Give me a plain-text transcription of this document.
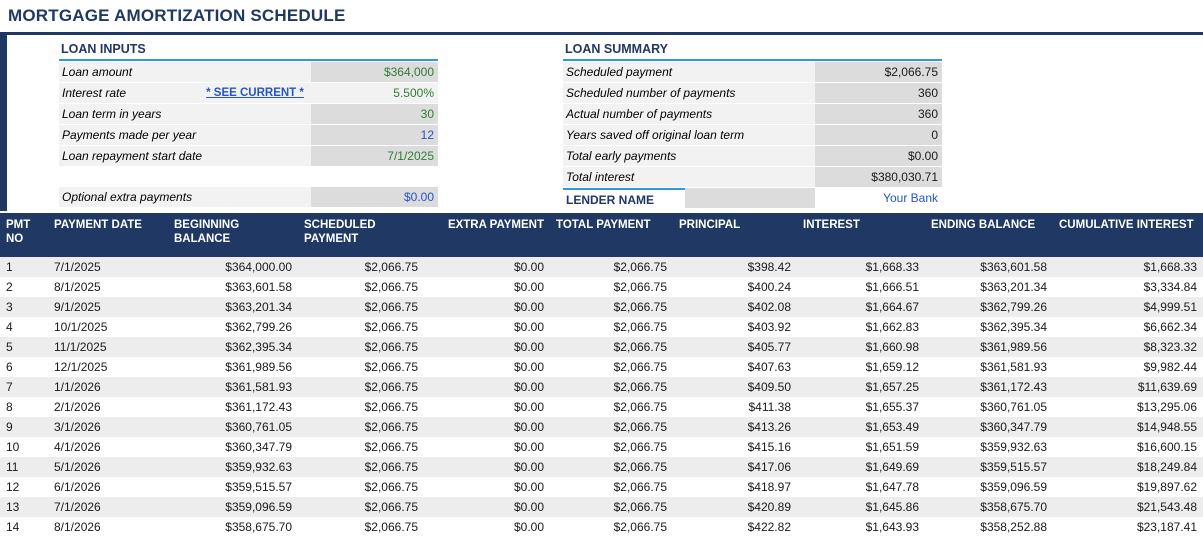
MORTGAGE AMORTIZATION SCHEDULE
LOAN INPUTS
Loan amount	$364,000
Interest rate	* SEE CURRENT *	5.500%
Loan term in years	30
Payments made per year	12
Loan repayment start date	7/1/2025
Optional extra payments	$0.00
LOAN SUMMARY
Scheduled payment	$2,066.75
Scheduled number of payments	360
Actual number of payments	360
Years saved off original loan term	0
Total early payments	$0.00
Total interest	$380,030.71
LENDER NAME	Your Bank
PMT NO	PAYMENT DATE	BEGINNING BALANCE	SCHEDULED PAYMENT	EXTRA PAYMENT	TOTAL PAYMENT	PRINCIPAL	INTEREST	ENDING BALANCE	CUMULATIVE INTEREST
1	7/1/2025	$364,000.00	$2,066.75	$0.00	$2,066.75	$398.42	$1,668.33	$363,601.58	$1,668.33
2	8/1/2025	$363,601.58	$2,066.75	$0.00	$2,066.75	$400.24	$1,666.51	$363,201.34	$3,334.84
3	9/1/2025	$363,201.34	$2,066.75	$0.00	$2,066.75	$402.08	$1,664.67	$362,799.26	$4,999.51
4	10/1/2025	$362,799.26	$2,066.75	$0.00	$2,066.75	$403.92	$1,662.83	$362,395.34	$6,662.34
5	11/1/2025	$362,395.34	$2,066.75	$0.00	$2,066.75	$405.77	$1,660.98	$361,989.56	$8,323.32
6	12/1/2025	$361,989.56	$2,066.75	$0.00	$2,066.75	$407.63	$1,659.12	$361,581.93	$9,982.44
7	1/1/2026	$361,581.93	$2,066.75	$0.00	$2,066.75	$409.50	$1,657.25	$361,172.43	$11,639.69
8	2/1/2026	$361,172.43	$2,066.75	$0.00	$2,066.75	$411.38	$1,655.37	$360,761.05	$13,295.06
9	3/1/2026	$360,761.05	$2,066.75	$0.00	$2,066.75	$413.26	$1,653.49	$360,347.79	$14,948.55
10	4/1/2026	$360,347.79	$2,066.75	$0.00	$2,066.75	$415.16	$1,651.59	$359,932.63	$16,600.15
11	5/1/2026	$359,932.63	$2,066.75	$0.00	$2,066.75	$417.06	$1,649.69	$359,515.57	$18,249.84
12	6/1/2026	$359,515.57	$2,066.75	$0.00	$2,066.75	$418.97	$1,647.78	$359,096.59	$19,897.62
13	7/1/2026	$359,096.59	$2,066.75	$0.00	$2,066.75	$420.89	$1,645.86	$358,675.70	$21,543.48
14	8/1/2026	$358,675.70	$2,066.75	$0.00	$2,066.75	$422.82	$1,643.93	$358,252.88	$23,187.41
